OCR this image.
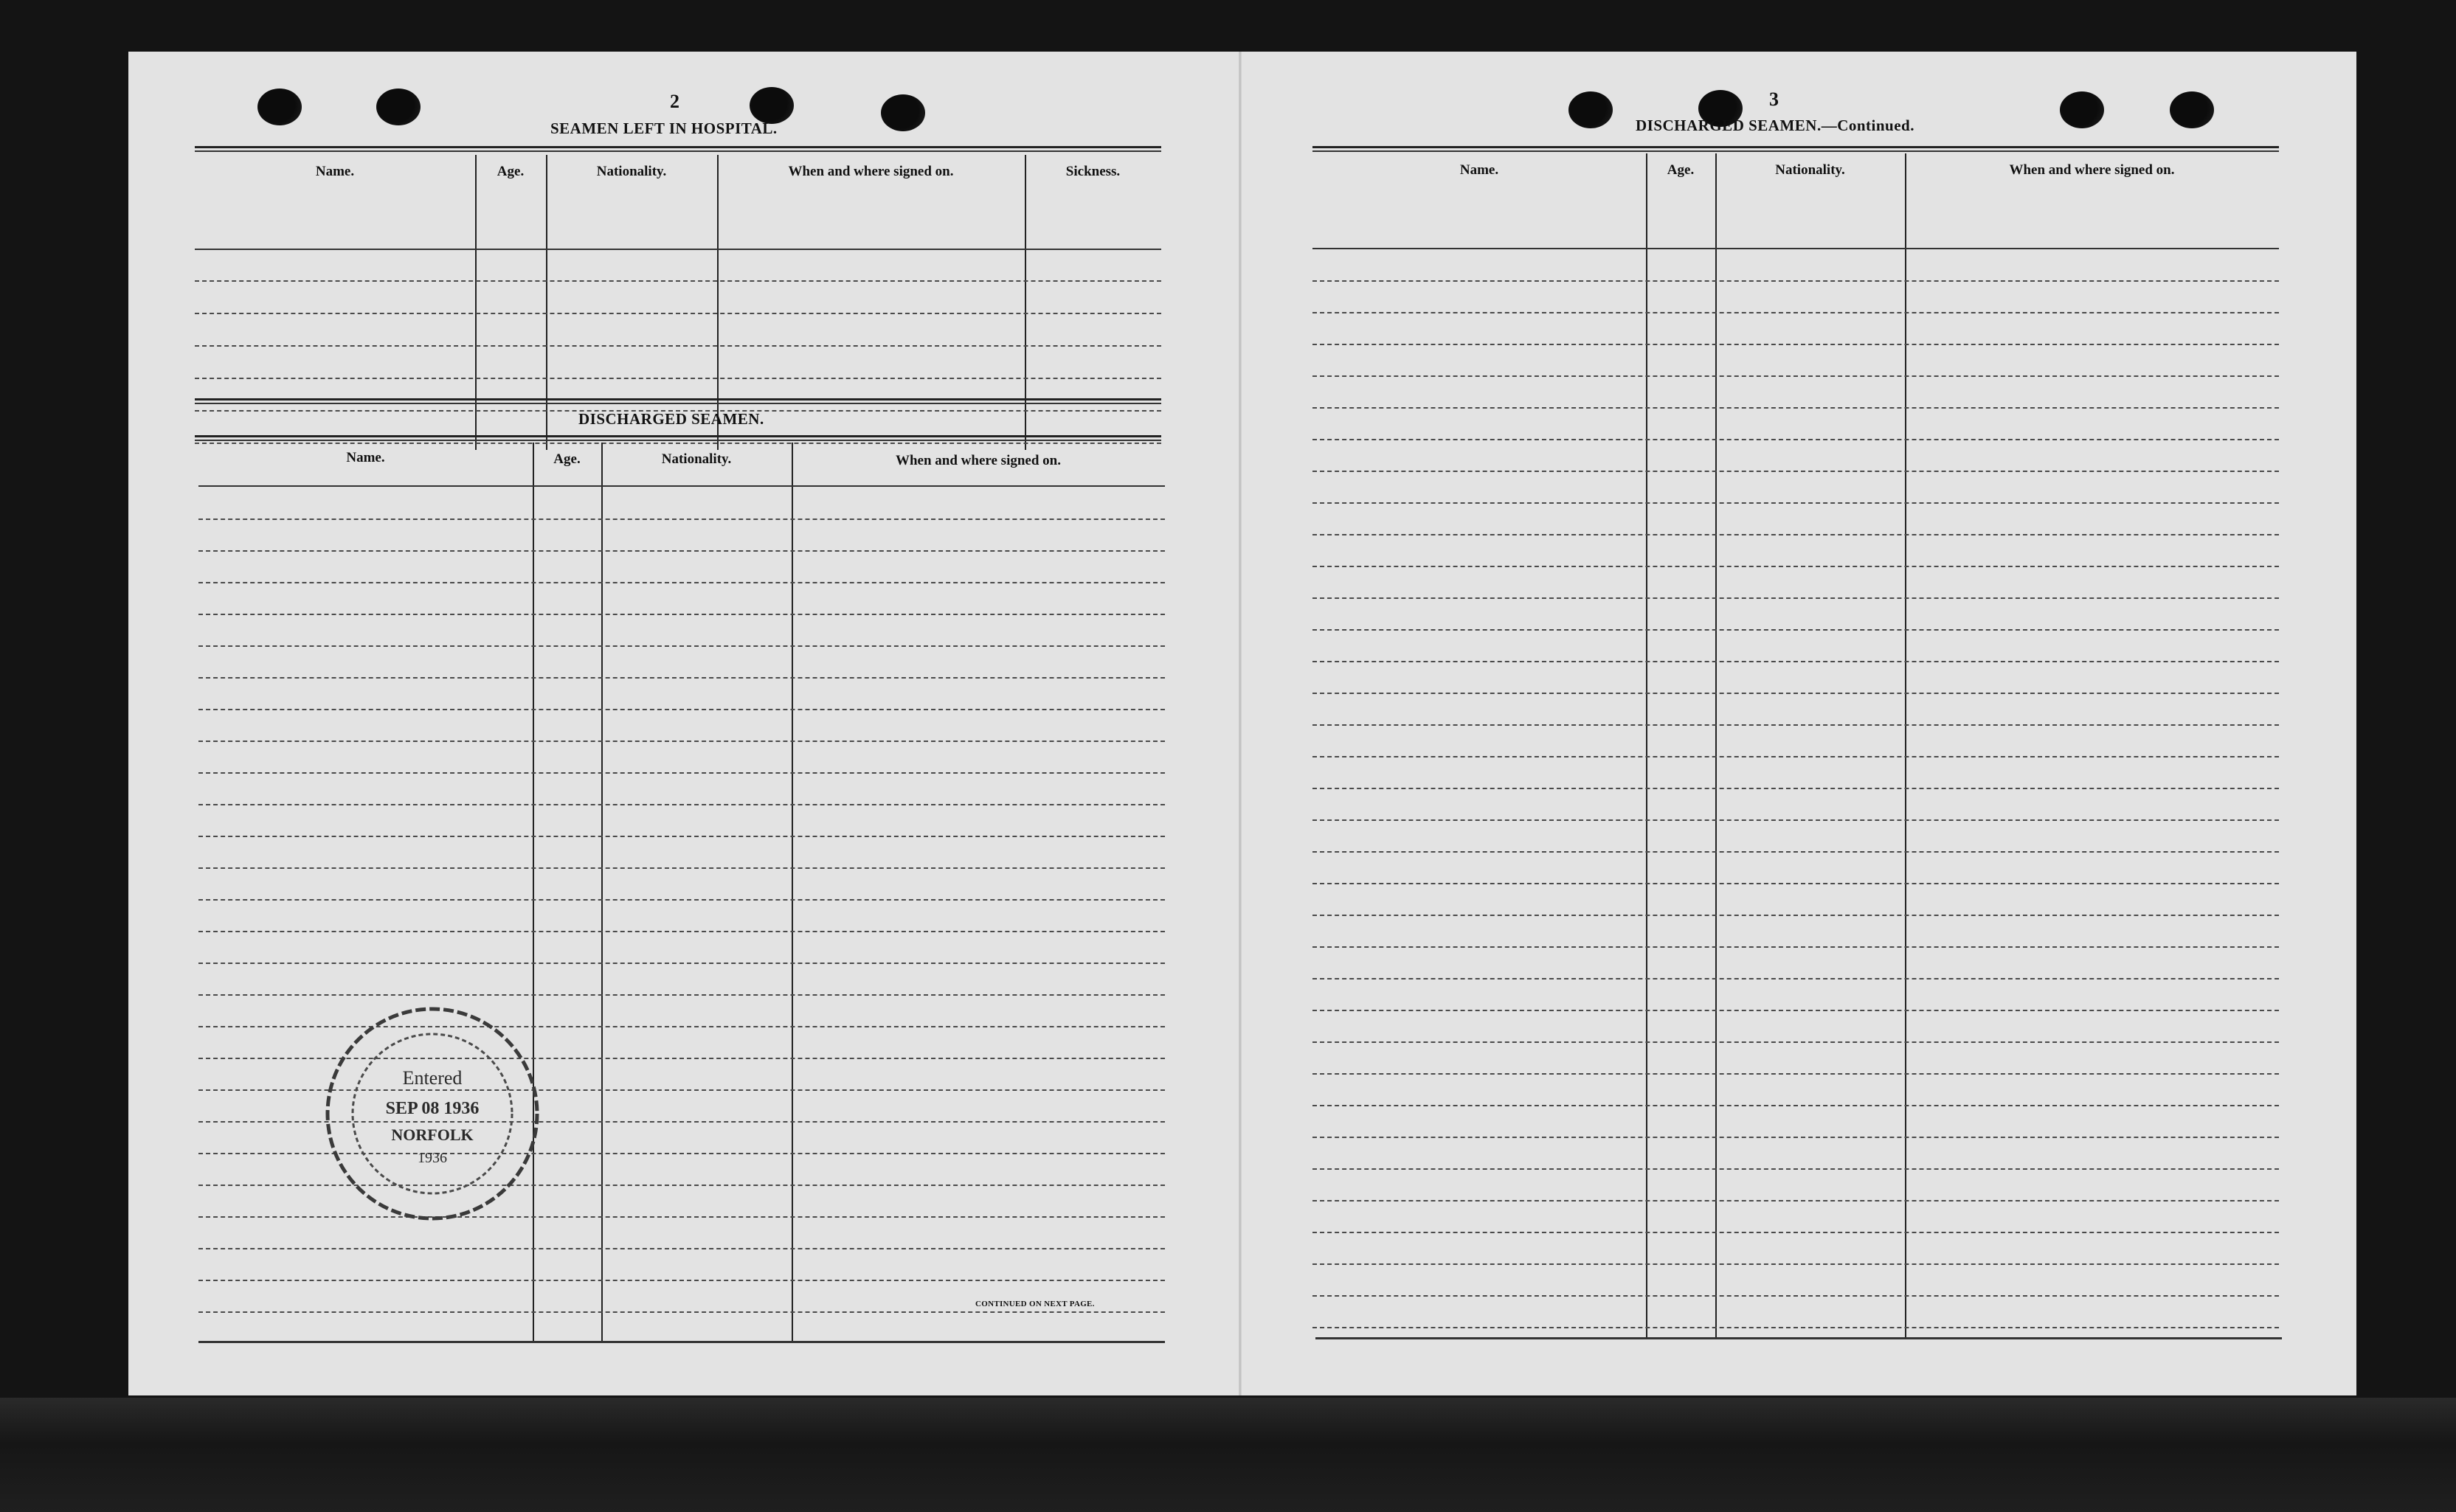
2
SEAMEN LEFT IN HOSPITAL.
Name.	Age.	Nationality.	When and where signed on.	Sickness.
DISCHARGED SEAMEN.
Name.	Age.	Nationality.	When and where signed on.
CONTINUED ON NEXT PAGE.
Entered
SEP 08 1936
NORFOLK
1936
3
DISCHARGED SEAMEN.—Continued.
Name.	Age.	Nationality.	When and where signed on.
